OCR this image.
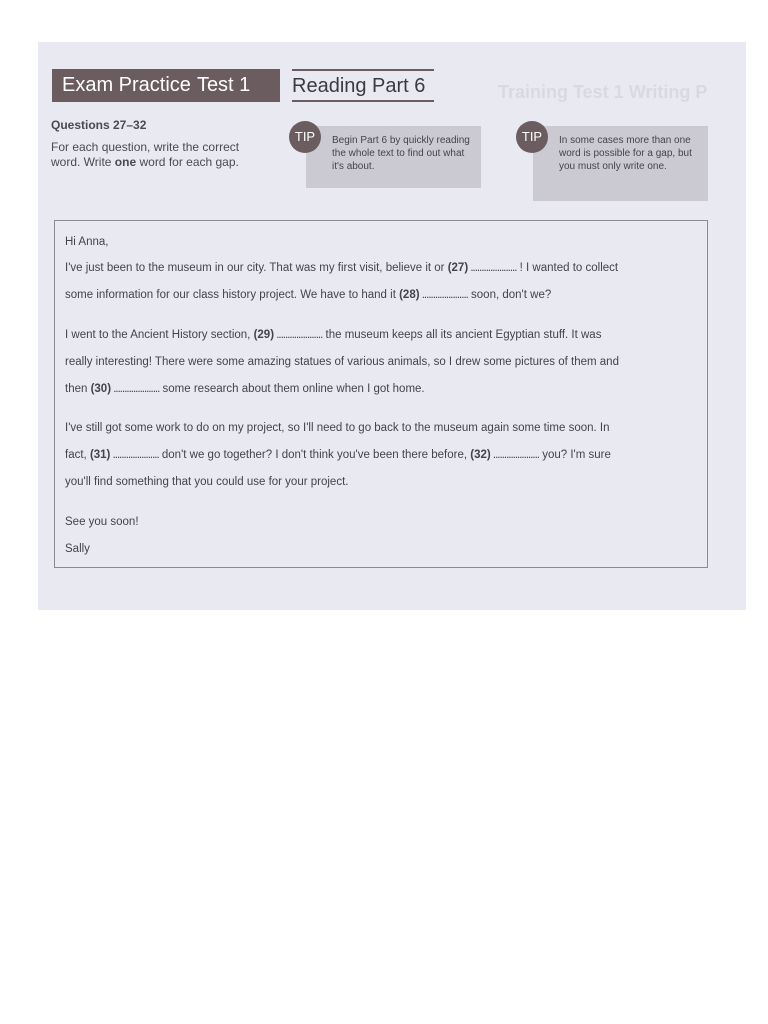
Training Test 1 Writing P
Exam Practice Test 1	Reading Part 6
Questions 27–32
For each question, write the correct
word. Write one word for each gap.
Begin Part 6 by quickly reading the whole text to find out what it's about.
TIP	In some cases more than one word is possible for a gap, but you must only write one.
TIP
Hi Anna,
I've just been to the museum in our city. That was my first visit, believe it or (27) ..................... ! I wanted to collect
some information for our class history project. We have to hand it (28) ..................... soon, don't we?
I went to the Ancient History section, (29) ..................... the museum keeps all its ancient Egyptian stuff. It was
really interesting! There were some amazing statues of various animals, so I drew some pictures of them and
then (30) ..................... some research about them online when I got home.
I've still got some work to do on my project, so I'll need to go back to the museum again some time soon. In
fact, (31) ..................... don't we go together? I don't think you've been there before, (32) ..................... you? I'm sure
you'll find something that you could use for your project.
See you soon!
Sally
